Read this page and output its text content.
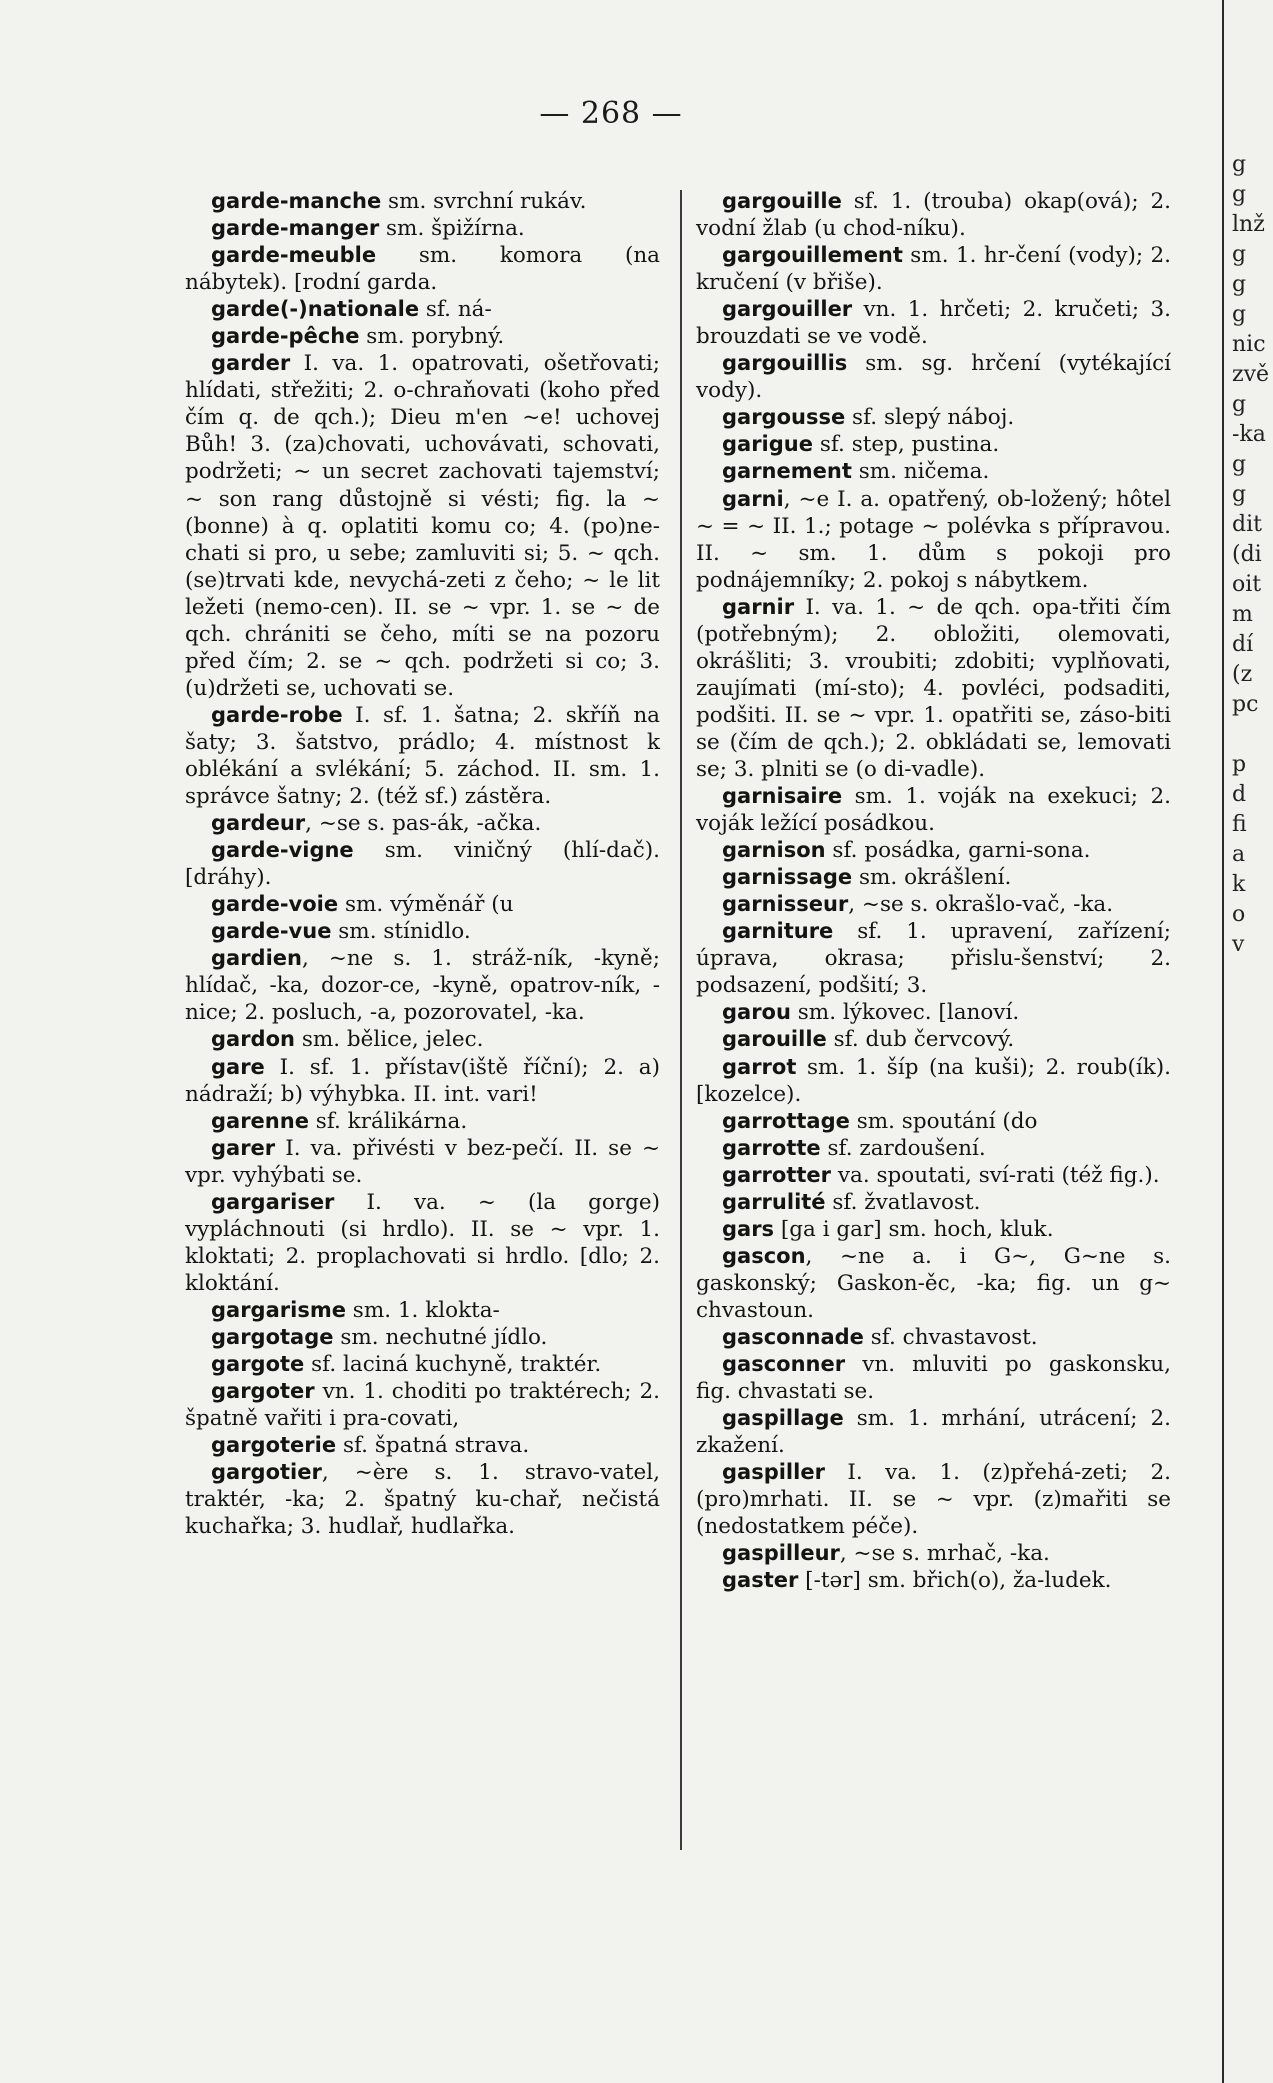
— 268 —

garde-manche sm. svrchní rukáv.

garde-manger sm. špižírna.

garde-meuble sm. komora (na nábytek). [rodní garda.

garde(-)nationale sf. ná-

garde-pêche sm. porybný.

garder I. va. 1. opatrovati, ošetřovati; hlídati, střežiti; 2. o-chraňovati (koho před čím q. de qch.); Dieu m'en ~e! uchovej Bůh! 3. (za)chovati, uchovávati, schovati, podržeti; ~ un secret zachovati tajemství; ~ son rang důstojně si vésti; fig. la ~ (bonne) à q. oplatiti komu co; 4. (po)ne-chati si pro, u sebe; zamluviti si; 5. ~ qch. (se)trvati kde, nevychá-zeti z čeho; ~ le lit ležeti (nemo-cen). II. se ~ vpr. 1. se ~ de qch. chrániti se čeho, míti se na pozoru před čím; 2. se ~ qch. podržeti si co; 3. (u)držeti se, uchovati se.

garde-robe I. sf. 1. šatna; 2. skříň na šaty; 3. šatstvo, prádlo; 4. místnost k oblékání a svlékání; 5. záchod. II. sm. 1. správce šatny; 2. (též sf.) zástěra.

gardeur, ~se s. pas-ák, -ačka.

garde-vigne sm. viničný (hlí-dač). [dráhy).

garde-voie sm. výměnář (u

garde-vue sm. stínidlo.

gardien, ~ne s. 1. stráž-ník, -kyně; hlídač, -ka, dozor-ce, -kyně, opatrov-ník, -nice; 2. posluch, -a, pozorovatel, -ka.

gardon sm. bělice, jelec.

gare I. sf. 1. přístav(iště říční); 2. a) nádraží; b) výhybka. II. int. vari!

garenne sf. králikárna.

garer I. va. přivésti v bez-pečí. II. se ~ vpr. vyhýbati se.

gargariser I. va. ~ (la gorge) vypláchnouti (si hrdlo). II. se ~ vpr. 1. kloktati; 2. proplachovati si hrdlo. [dlo; 2. kloktání.

gargarisme sm. 1. klokta-

gargotage sm. nechutné jídlo.

gargote sf. laciná kuchyně, traktér.

gargoter vn. 1. choditi po traktérech; 2. špatně vařiti i pra-covati,

gargoterie sf. špatná strava.

gargotier, ~ère s. 1. stravo-vatel, traktér, -ka; 2. špatný ku-chař, nečistá kuchařka; 3. hudlař, hudlařka.

gargouille sf. 1. (trouba) okap(ová); 2. vodní žlab (u chod-níku).

gargouillement sm. 1. hr-čení (vody); 2. kručení (v břiše).

gargouiller vn. 1. hrčeti; 2. kručeti; 3. brouzdati se ve vodě.

gargouillis sm. sg. hrčení (vytékající vody).

gargousse sf. slepý náboj.

garigue sf. step, pustina.

garnement sm. ničema.

garni, ~e I. a. opatřený, ob-ložený; hôtel ~ = ~ II. 1.; potage ~ polévka s přípravou. II. ~ sm. 1. dům s pokoji pro podnájemníky; 2. pokoj s nábytkem.

garnir I. va. 1. ~ de qch. opa-třiti čím (potřebným); 2. obložiti, olemovati, okrášliti; 3. vroubiti; zdobiti; vyplňovati, zaujímati (mí-sto); 4. povléci, podsaditi, podšiti. II. se ~ vpr. 1. opatřiti se, záso-biti se (čím de qch.); 2. obkládati se, lemovati se; 3. plniti se (o di-vadle).

garnisaire sm. 1. voják na exekuci; 2. voják ležící posádkou.

garnison sf. posádka, garni-sona.

garnissage sm. okrášlení.

garnisseur, ~se s. okrašlo-vač, -ka.

garniture sf. 1. upravení, zařízení; úprava, okrasa; přislu-šenství; 2. podsazení, podšití; 3.

garou sm. lýkovec. [lanoví.

garouille sf. dub červcový.

garrot sm. 1. šíp (na kuši); 2. roub(ík). [kozelce).

garrottage sm. spoutání (do

garrotte sf. zardoušení.

garrotter va. spoutati, sví-rati (též fig.).

garrulité sf. žvatlavost.

gars [ga i gar] sm. hoch, kluk.

gascon, ~ne a. i G~, G~ne s. gaskonský; Gaskon-ěc, -ka; fig. un g~ chvastoun.

gasconnade sf. chvastavost.

gasconner vn. mluviti po gaskonsku, fig. chvastati se.

gaspillage sm. 1. mrhání, utrácení; 2. zkažení.

gaspiller I. va. 1. (z)přehá-zeti; 2. (pro)mrhati. II. se ~ vpr. (z)mařiti se (nedostatkem péče).

gaspilleur, ~se s. mrhač, -ka.

gaster [-tər] sm. břich(o), ža-ludek.

g
g
lnž
g
g
g
nic
zvě
g
-ka
g
g
dit
(di
oit
m
dí
(z
pc

p
d
fi
a
k
o
v
